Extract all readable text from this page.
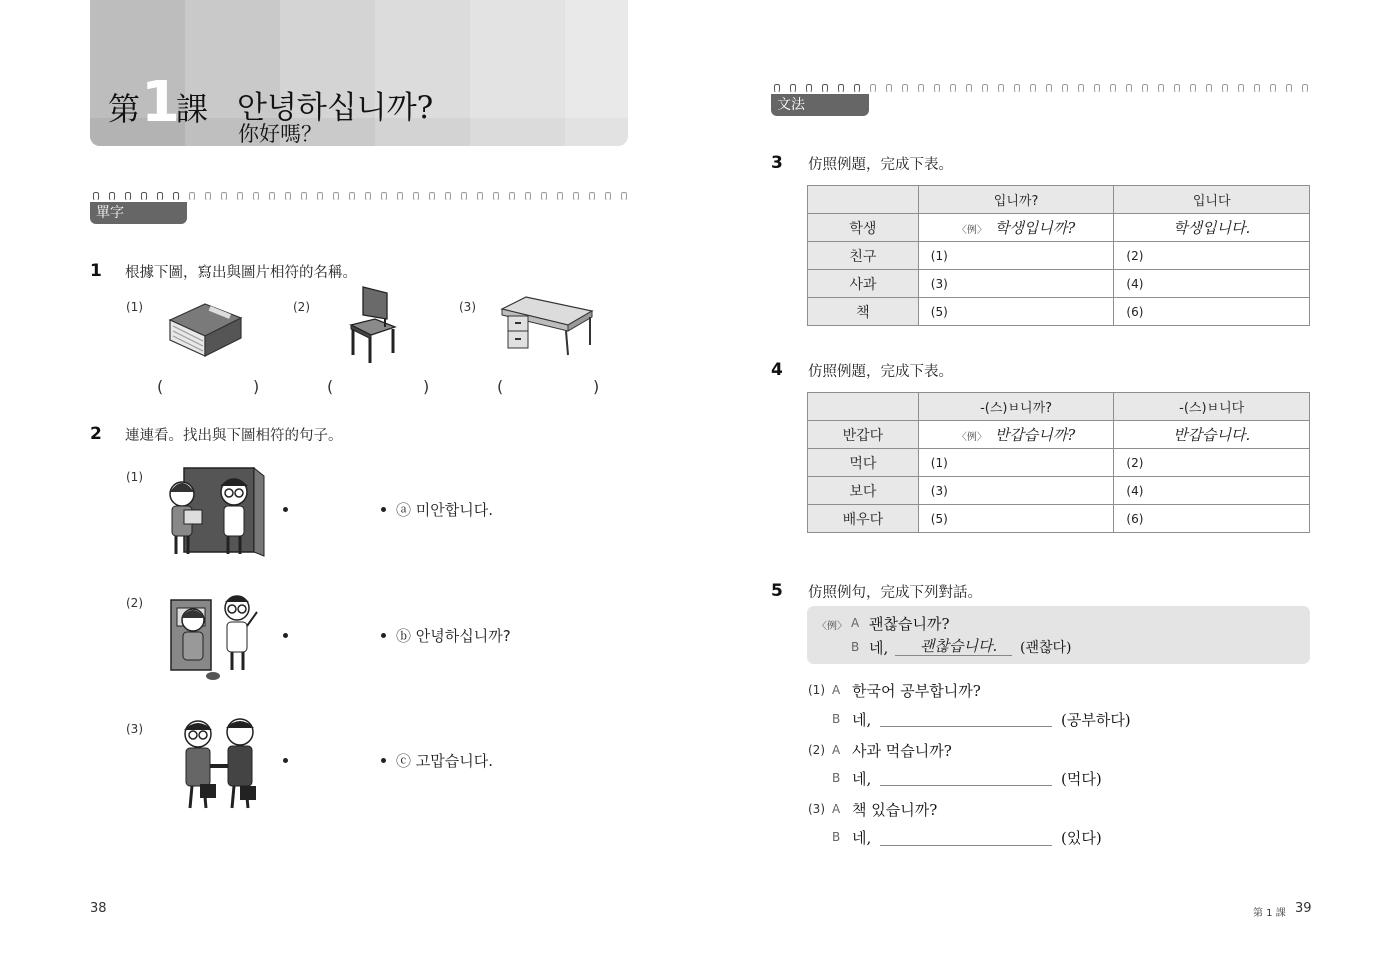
第 1
課 안녕하십니까?
你好嗎？
單字
1 根據下圖，寫出與圖片相符的名稱。
(1)	(2)	(3)
(	)	(	)	(	)
2 連連看。找出與下圖相符的句子。
(1)
ⓐ 미안합니다.
(2)
ⓑ 안녕하십니까?
(3)
ⓒ 고맙습니다.
38
文法
3 仿照例題，完成下表。
	입니까?	입니다
학생	〈例〉 학생입니까?	학생입니다.
친구	(1)	(2)
사과	(3)	(4)
책	(5)	(6)
4 仿照例題，完成下表。
	-(스)ㅂ니까?	-(스)ㅂ니다
반갑다	〈例〉 반갑습니까?	반갑습니다.
먹다	(1)	(2)
보다	(3)	(4)
배우다	(5)	(6)
5 仿照例句，完成下列對話。
〈例〉 A 괜찮습니까?
B 네, 괜찮습니다. (괜찮다)
(1) A 한국어 공부합니까?
B 네,	(공부하다)
(2) A 사과 먹습니까?
B 네,	(먹다)
(3) A 책 있습니까?
B 네,	(있다)
第 1 課 39
